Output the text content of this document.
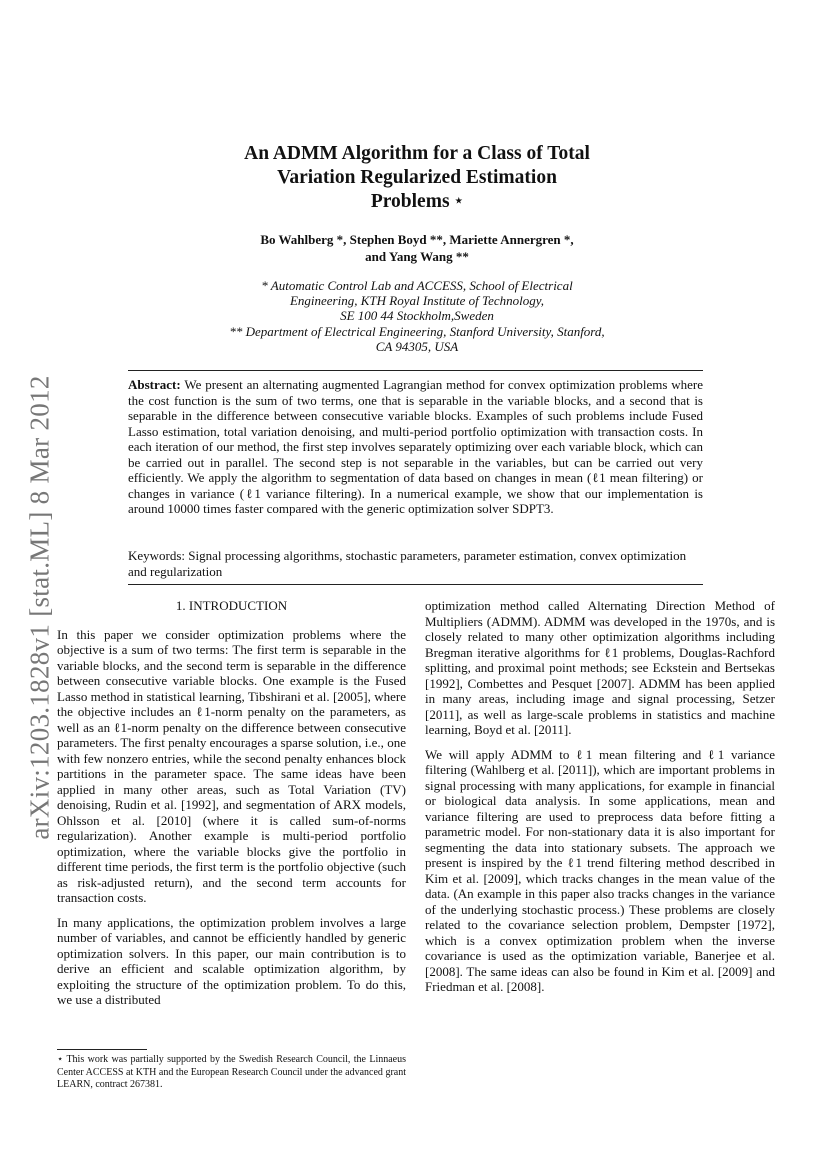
arXiv:1203.1828v1 [stat.ML] 8 Mar 2012
An ADMM Algorithm for a Class of Total
Variation Regularized Estimation
Problems ⋆
Bo Wahlberg *, Stephen Boyd **, Mariette Annergren *,
and Yang Wang **
* Automatic Control Lab and ACCESS, School of Electrical
Engineering, KTH Royal Institute of Technology,
SE 100 44 Stockholm,Sweden
** Department of Electrical Engineering, Stanford University, Stanford,
CA 94305, USA
Abstract: We present an alternating augmented Lagrangian method for convex optimization problems where the cost function is the sum of two terms, one that is separable in the variable blocks, and a second that is separable in the difference between consecutive variable blocks. Examples of such problems include Fused Lasso estimation, total variation denoising, and multi-period portfolio optimization with transaction costs. In each iteration of our method, the first step involves separately optimizing over each variable block, which can be carried out in parallel. The second step is not separable in the variables, but can be carried out very efficiently. We apply the algorithm to segmentation of data based on changes in mean (ℓ1 mean filtering) or changes in variance (ℓ1 variance filtering). In a numerical example, we show that our implementation is around 10000 times faster compared with the generic optimization solver SDPT3.
Keywords: Signal processing algorithms, stochastic parameters, parameter estimation, convex optimization and regularization
1. INTRODUCTION

In this paper we consider optimization problems where the objective is a sum of two terms: The first term is separable in the variable blocks, and the second term is separable in the difference between consecutive variable blocks. One example is the Fused Lasso method in statistical learning, Tibshirani et al. [2005], where the objective includes an ℓ1-norm penalty on the parameters, as well as an ℓ1-norm penalty on the difference between consecutive parameters. The first penalty encourages a sparse solution, i.e., one with few nonzero entries, while the second penalty enhances block partitions in the parameter space. The same ideas have been applied in many other areas, such as Total Variation (TV) denoising, Rudin et al. [1992], and segmentation of ARX models, Ohlsson et al. [2010] (where it is called sum-of-norms regularization). Another example is multi-period portfolio optimization, where the variable blocks give the portfolio in different time periods, the first term is the portfolio objective (such as risk-adjusted return), and the second term accounts for transaction costs.

In many applications, the optimization problem involves a large number of variables, and cannot be efficiently handled by generic optimization solvers. In this paper, our main contribution is to derive an efficient and scalable optimization algorithm, by exploiting the structure of the optimization problem. To do this, we use a distributed

optimization method called Alternating Direction Method of Multipliers (ADMM). ADMM was developed in the 1970s, and is closely related to many other optimization algorithms including Bregman iterative algorithms for ℓ1 problems, Douglas-Rachford splitting, and proximal point methods; see Eckstein and Bertsekas [1992], Combettes and Pesquet [2007]. ADMM has been applied in many areas, including image and signal processing, Setzer [2011], as well as large-scale problems in statistics and machine learning, Boyd et al. [2011].

We will apply ADMM to ℓ1 mean filtering and ℓ1 variance filtering (Wahlberg et al. [2011]), which are important problems in signal processing with many applications, for example in financial or biological data analysis. In some applications, mean and variance filtering are used to preprocess data before fitting a parametric model. For non-stationary data it is also important for segmenting the data into stationary subsets. The approach we present is inspired by the ℓ1 trend filtering method described in Kim et al. [2009], which tracks changes in the mean value of the data. (An example in this paper also tracks changes in the variance of the underlying stochastic process.) These problems are closely related to the covariance selection problem, Dempster [1972], which is a convex optimization problem when the inverse covariance is used as the optimization variable, Banerjee et al. [2008]. The same ideas can also be found in Kim et al. [2009] and Friedman et al. [2008].

⋆ This work was partially supported by the Swedish Research Council, the Linnaeus Center ACCESS at KTH and the European Research Council under the advanced grant LEARN, contract 267381.
